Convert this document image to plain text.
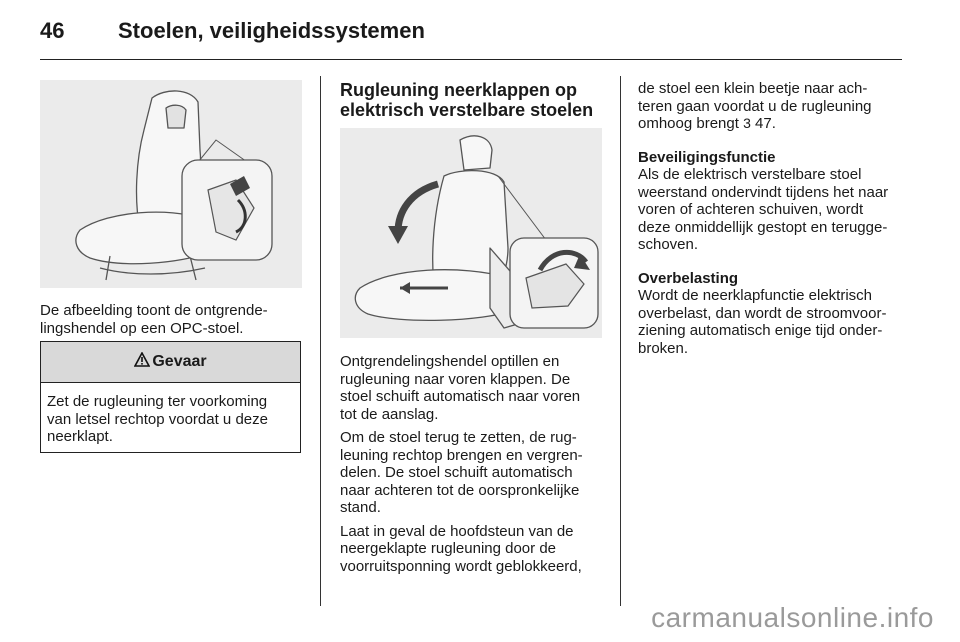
46 Stoelen, veiligheidssystemen

De afbeelding toont de ontgrende-

lingshendel op een OPC-stoel.

Gevaar
Zet de rugleuning ter voorkoming
van letsel rechtop voordat u deze
neerklapt.
Rugleuning neerklappen op
elektrisch verstelbare stoelen

Ontgrendelingshendel optillen en
rugleuning naar voren klappen. De
stoel schuift automatisch naar voren
tot de aanslag.

Om de stoel terug te zetten, de rug-
leuning rechtop brengen en vergren-
delen. De stoel schuift automatisch
naar achteren tot de oorspronkelijke
stand.

Laat in geval de hoofdsteun van de
neergeklapte rugleuning door de
voorruitsponning wordt geblokkeerd,

de stoel een klein beetje naar ach-
teren gaan voordat u de rugleuning
omhoog brengt 3 47.

Beveiligingsfunctie

Als de elektrisch verstelbare stoel
weerstand ondervindt tijdens het naar
voren of achteren schuiven, wordt
deze onmiddellijk gestopt en terugge-
schoven.

Overbelasting

Wordt de neerklapfunctie elektrisch
overbelast, dan wordt de stroomvoor-
ziening automatisch enige tijd onder-
broken.

carmanualsonline.info
